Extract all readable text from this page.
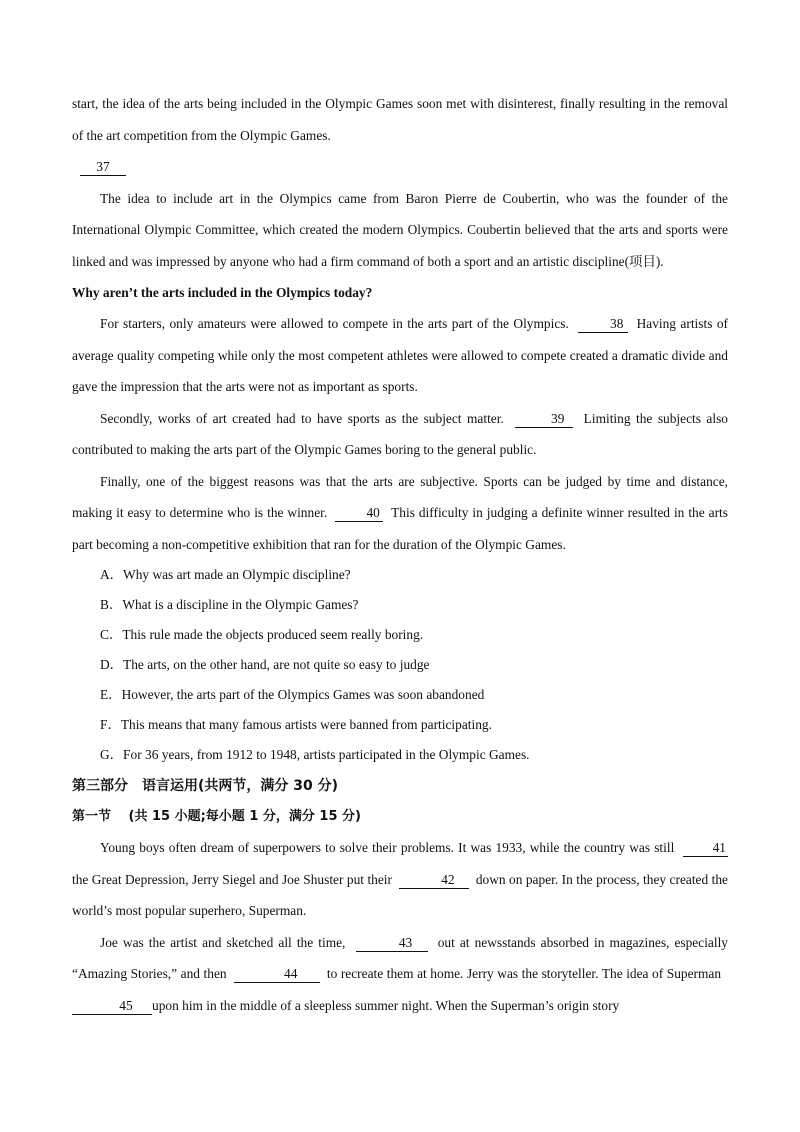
start, the idea of the arts being included in the Olympic Games soon met with disinterest, finally resulting in the removal of the art competition from the Olympic Games.

37

The idea to include art in the Olympics came from Baron Pierre de Coubertin, who was the founder of the International Olympic Committee, which created the modern Olympics. Coubertin believed that the arts and sports were linked and was impressed by anyone who had a firm command of both a sport and an artistic discipline(项目).

Why aren’t the arts included in the Olympics today?

For starters, only amateurs were allowed to compete in the arts part of the Olympics.	38 Having artists of average quality competing while only the most competent athletes were allowed to compete created a dramatic divide and gave the impression that the arts were not as important as sports.

Secondly, works of art created had to have sports as the subject matter.	39 Limiting the subjects also contributed to making the arts part of the Olympic Games boring to the general public.

Finally, one of the biggest reasons was that the arts are subjective. Sports can be judged by time and distance, making it easy to determine who is the winner.	40 This difficulty in judging a definite winner resulted in the arts part becoming a non-competitive exhibition that ran for the duration of the Olympic Games.

A．Why was art made an Olympic discipline?

B．What is a discipline in the Olympic Games?

C．This rule made the objects produced seem really boring.

D．The arts, on the other hand, are not quite so easy to judge

E．However, the arts part of the Olympics Games was soon abandoned

F．This means that many famous artists were banned from participating.

G．For 36 years, from 1912 to 1948, artists participated in the Olympic Games.

第三部分　语言运用(共两节，满分 30 分)

第一节　 (共 15 小题;每小题 1 分，满分 15 分)

Young boys often dream of superpowers to solve their problems. It was 1933, while the country was still	41 the Great Depression, Jerry Siegel and Joe Shuster put their	42 down on paper. In the process, they created the world’s most popular superhero, Superman.

Joe was the artist and sketched all the time,	43 out at newsstands absorbed in magazines, especially “Amazing Stories,” and then	44 to recreate them at home. Jerry was the storyteller. The idea of Superman  45 upon him in the middle of a sleepless summer night. When the Superman’s origin story
